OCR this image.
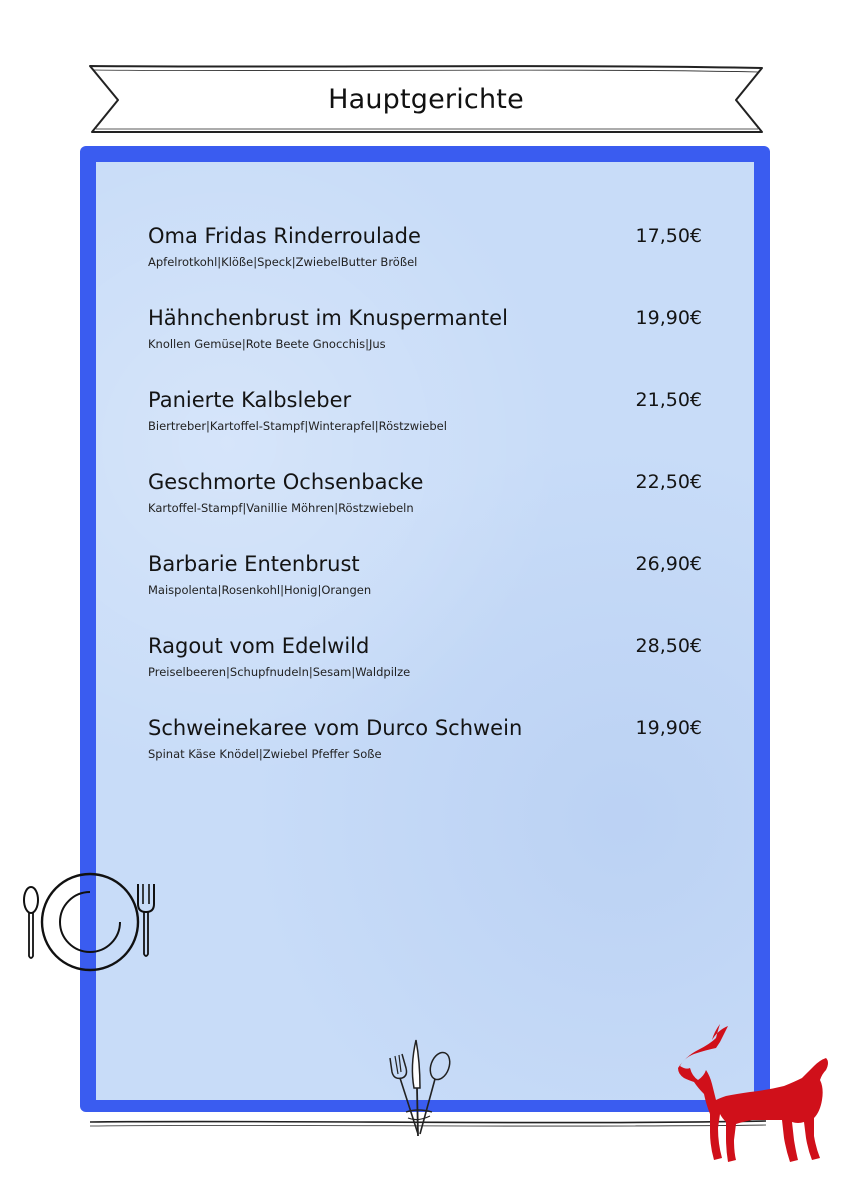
Hauptgerichte
Oma Fridas Rinderroulade	17,50€
Apfelrotkohl|Klöße|Speck|ZwiebelButter Brößel
Hähnchenbrust im Knuspermantel	19,90€
Knollen Gemüse|Rote Beete Gnocchis|Jus
Panierte Kalbsleber	21,50€
Biertreber|Kartoffel-Stampf|Winterapfel|Röstzwiebel
Geschmorte Ochsenbacke	22,50€
Kartoffel-Stampf|Vanillie Möhren|Röstzwiebeln
Barbarie Entenbrust	26,90€
Maispolenta|Rosenkohl|Honig|Orangen
Ragout vom Edelwild	28,50€
Preiselbeeren|Schupfnudeln|Sesam|Waldpilze
Schweinekaree vom Durco Schwein	19,90€
Spinat Käse Knödel|Zwiebel Pfeffer Soße
